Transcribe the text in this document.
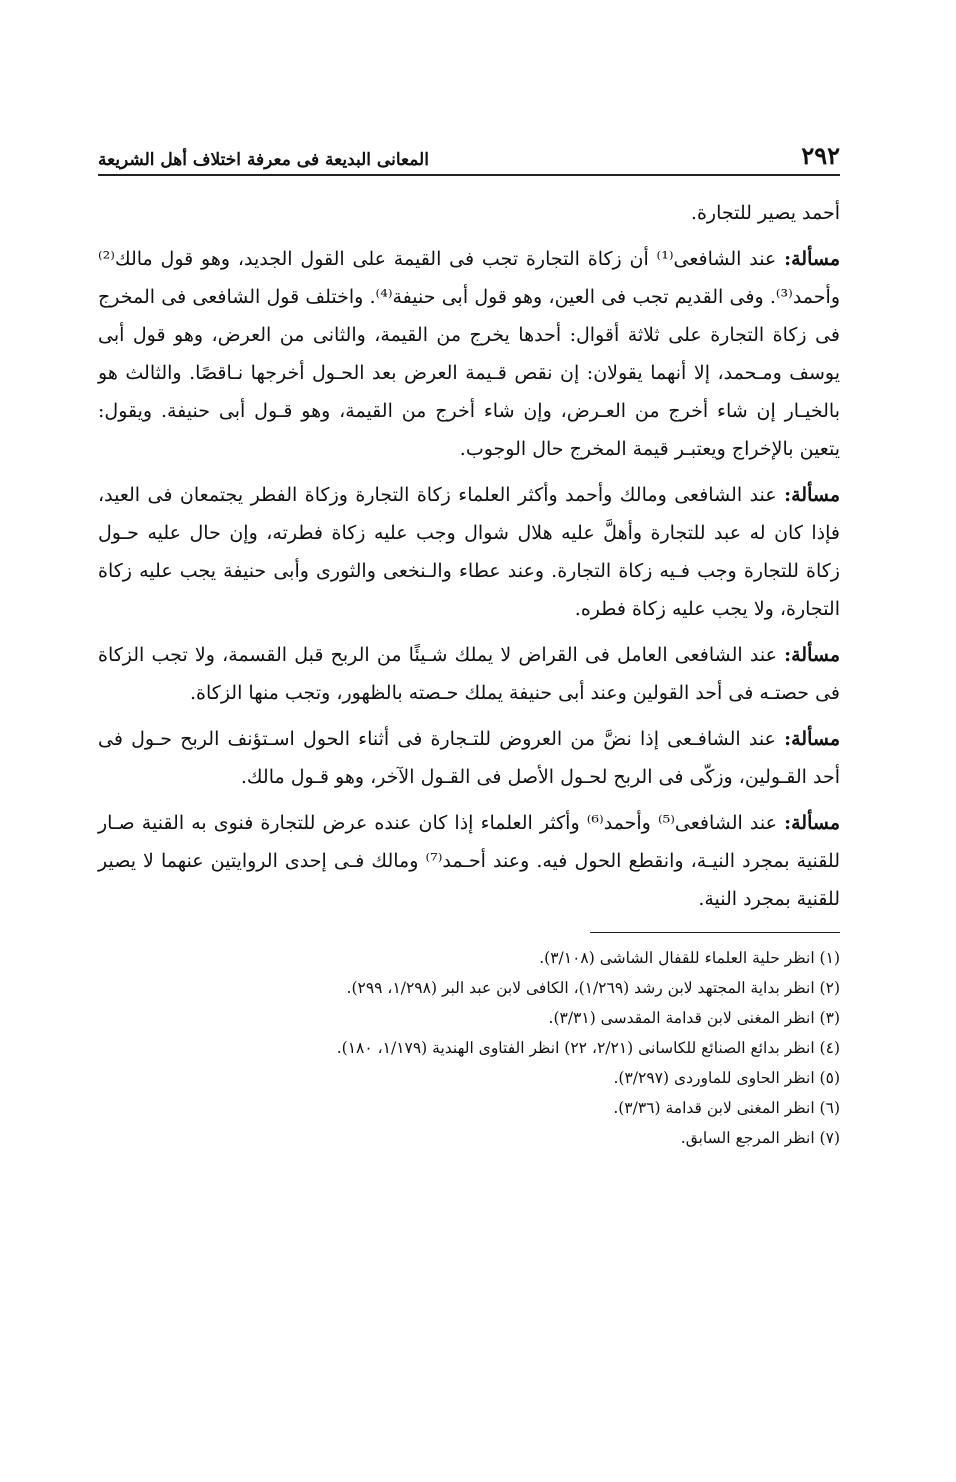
٢٩٢
المعانى البديعة فى معرفة اختلاف أهل الشريعة

أحمد يصير للتجارة.

مسألة: عند الشافعى⁽¹⁾ أن زكاة التجارة تجب فى القيمة على القول الجديد، وهو قول مالك⁽²⁾ وأحمد⁽³⁾. وفى القديم تجب فى العين، وهو قول أبى حنيفة⁽⁴⁾. واختلف قول الشافعى فى المخرج فى زكاة التجارة على ثلاثة أقوال: أحدها يخرج من القيمة، والثانى من العرض، وهو قول أبى يوسف ومـحمد، إلا أنهما يقولان: إن نقص قـيمة العرض بعد الحـول أخرجها نـاقصًا. والثالث هو بالخيـار إن شاء أخرج من العـرض، وإن شاء أخرج من القيمة، وهو قـول أبى حنيفة. ويقول: يتعين بالإخراج ويعتبـر قيمة المخرج حال الوجوب.

مسألة: عند الشافعى ومالك وأحمد وأكثر العلماء زكاة التجارة وزكاة الفطر يجتمعان فى العيد، فإذا كان له عبد للتجارة وأهلَّ عليه هلال شوال وجب عليه زكاة فطرته، وإن حال عليه حـول زكاة للتجارة وجب فـيه زكاة التجارة. وعند عطاء والـنخعى والثورى وأبى حنيفة يجب عليه زكاة التجارة، ولا يجب عليه زكاة فطره.

مسألة: عند الشافعى العامل فى القراض لا يملك شـيئًا من الربح قبل القسمة، ولا تجب الزكاة فى حصتـه فى أحد القولين وعند أبى حنيفة يملك حـصته بالظهور، وتجب منها الزكاة.

مسألة: عند الشافـعى إذا نضَّ من العروض للتـجارة فى أثناء الحول اسـتؤنف الربح حـول فى أحد القـولين، وزكّى فى الربح لحـول الأصل فى القـول الآخر، وهو قـول مالك.

مسألة: عند الشافعى⁽⁵⁾ وأحمد⁽⁶⁾ وأكثر العلماء إذا كان عنده عرض للتجارة فنوى به القنية صـار للقنية بمجرد النيـة، وانقطع الحول فيه. وعند أحـمد⁽⁷⁾ ومالك فـى إحدى الروايتين عنهما لا يصير للقنية بمجرد النية.

(١) انظر حلية العلماء للقفال الشاشى (٣/١٠٨).
(٢) انظر بداية المجتهد لابن رشد (١/٢٦٩)، الكافى لابن عبد البر (١/٢٩٨، ٢٩٩).
(٣) انظر المغنى لابن قدامة المقدسى (٣/٣١).
(٤) انظر بدائع الصنائع للكاسانى (٢/٢١، ٢٢) انظر الفتاوى الهندية (١/١٧٩، ١٨٠).
(٥) انظر الحاوى للماوردى (٣/٢٩٧).
(٦) انظر المغنى لابن قدامة (٣/٣٦).
(٧) انظر المرجع السابق.
